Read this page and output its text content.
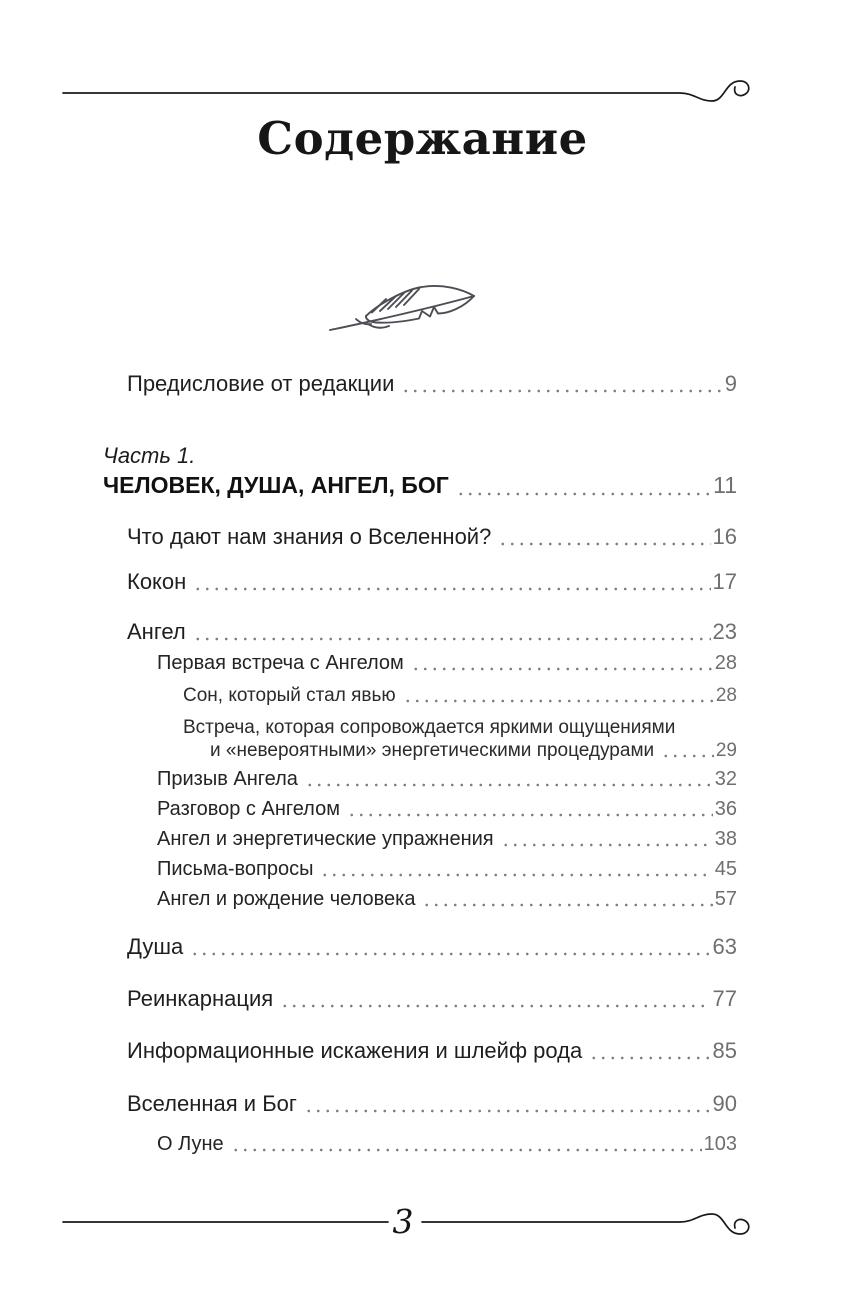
Содержание
Предисловие от редакции	9
Часть 1.
ЧЕЛОВЕК, ДУША, АНГЕЛ, БОГ	11
Что дают нам знания о Вселенной?	16
Кокон	17
Ангел	23
Первая встреча с Ангелом	28
Сон, который стал явью	28
Встреча, которая сопровождается яркими ощущениями
и «невероятными» энергетическими процедурами	29
Призыв Ангела	32
Разговор с Ангелом	36
Ангел и энергетические упражнения	38
Письма-вопросы	45
Ангел и рождение человека	57
Душа	63
Реинкарнация	77
Информационные искажения и шлейф рода	85
Вселенная и Бог	90
О Луне	103
3
